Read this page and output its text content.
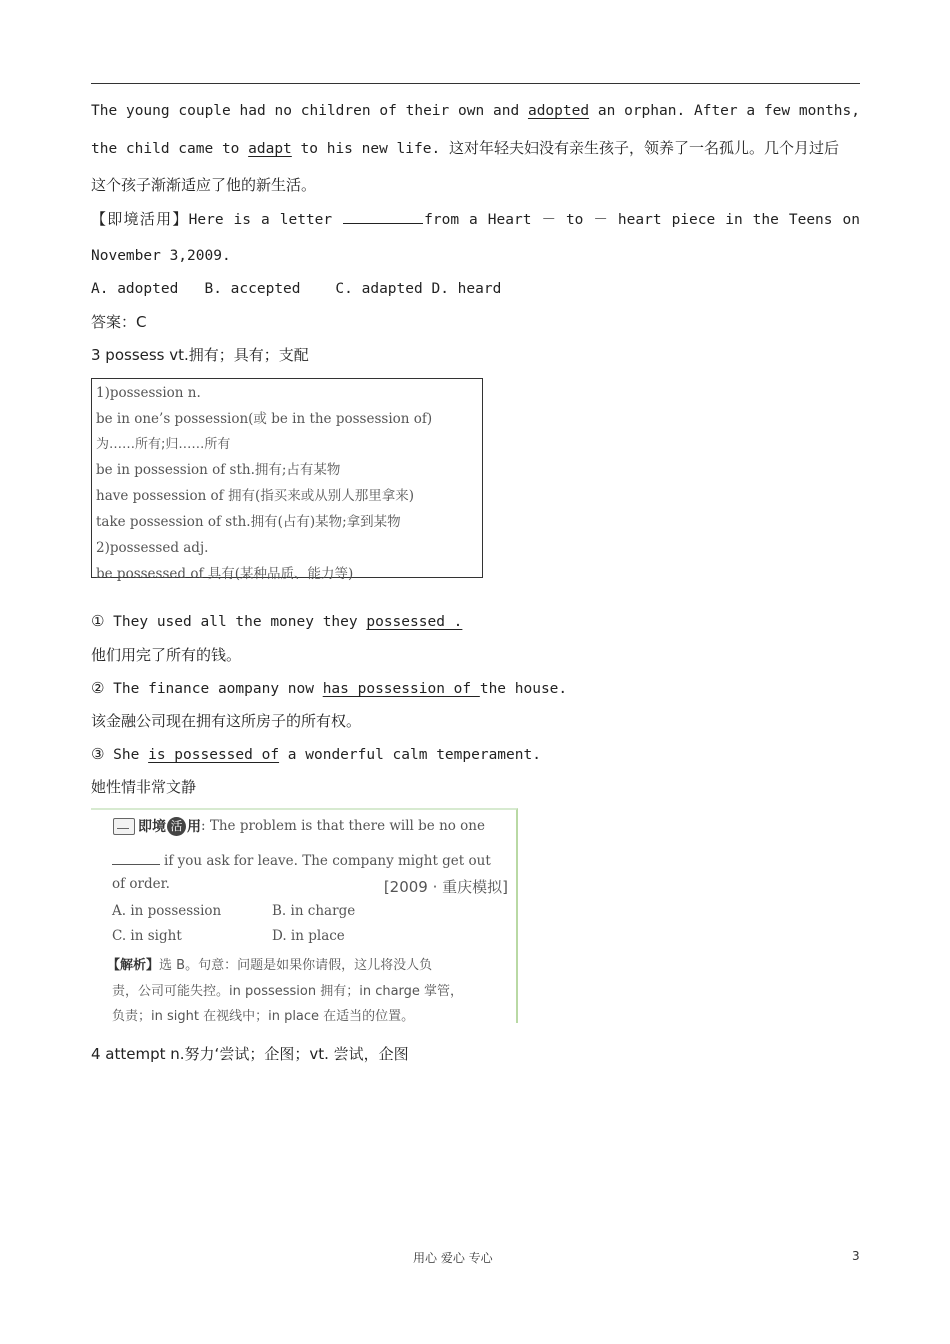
The young couple had no children of their own and adopted an orphan. After a few months,
the child came to adapt to his new life. 这对年轻夫妇没有亲生孩子，领养了一名孤儿。几个月过后
这个孩子渐渐适应了他的新生活。
【即境活用】Here is a letter	from a Heart － to － heart piece in the Teens on
November 3,2009.
A. adopted   B. accepted    C. adapted D. heard
答案：C
3 possess vt.拥有；具有；支配
1)possession n.
be in one’s possession(或 be in the possession of)
为……所有;归……所有
be in possession of sth.拥有;占有某物
have possession of 拥有(指买来或从别人那里拿来)
take possession of sth.拥有(占有)某物;拿到某物
2)possessed adj.
be possessed of 具有(某种品质、能力等)
① They used all the money they possessed .
他们用完了所有的钱。
② The finance aompany now has possession of the house.
该金融公司现在拥有这所房子的所有权。
③ She is possessed of a wonderful calm temperament.
她性情非常文静
即境 活 用 : The problem is that there will be no one
if you ask for leave. The company might get out
of order.	[2009 · 重庆模拟]
A. in possession	B. in charge
C. in sight	D. in place
【解析】选 B。句意：问题是如果你请假，这儿将没人负
责，公司可能失控。in possession 拥有；in charge 掌管，
负责；in sight 在视线中；in place 在适当的位置。
4 attempt n.努力‘尝试；企图；vt. 尝试，企图
用心 爱心 专心	3
